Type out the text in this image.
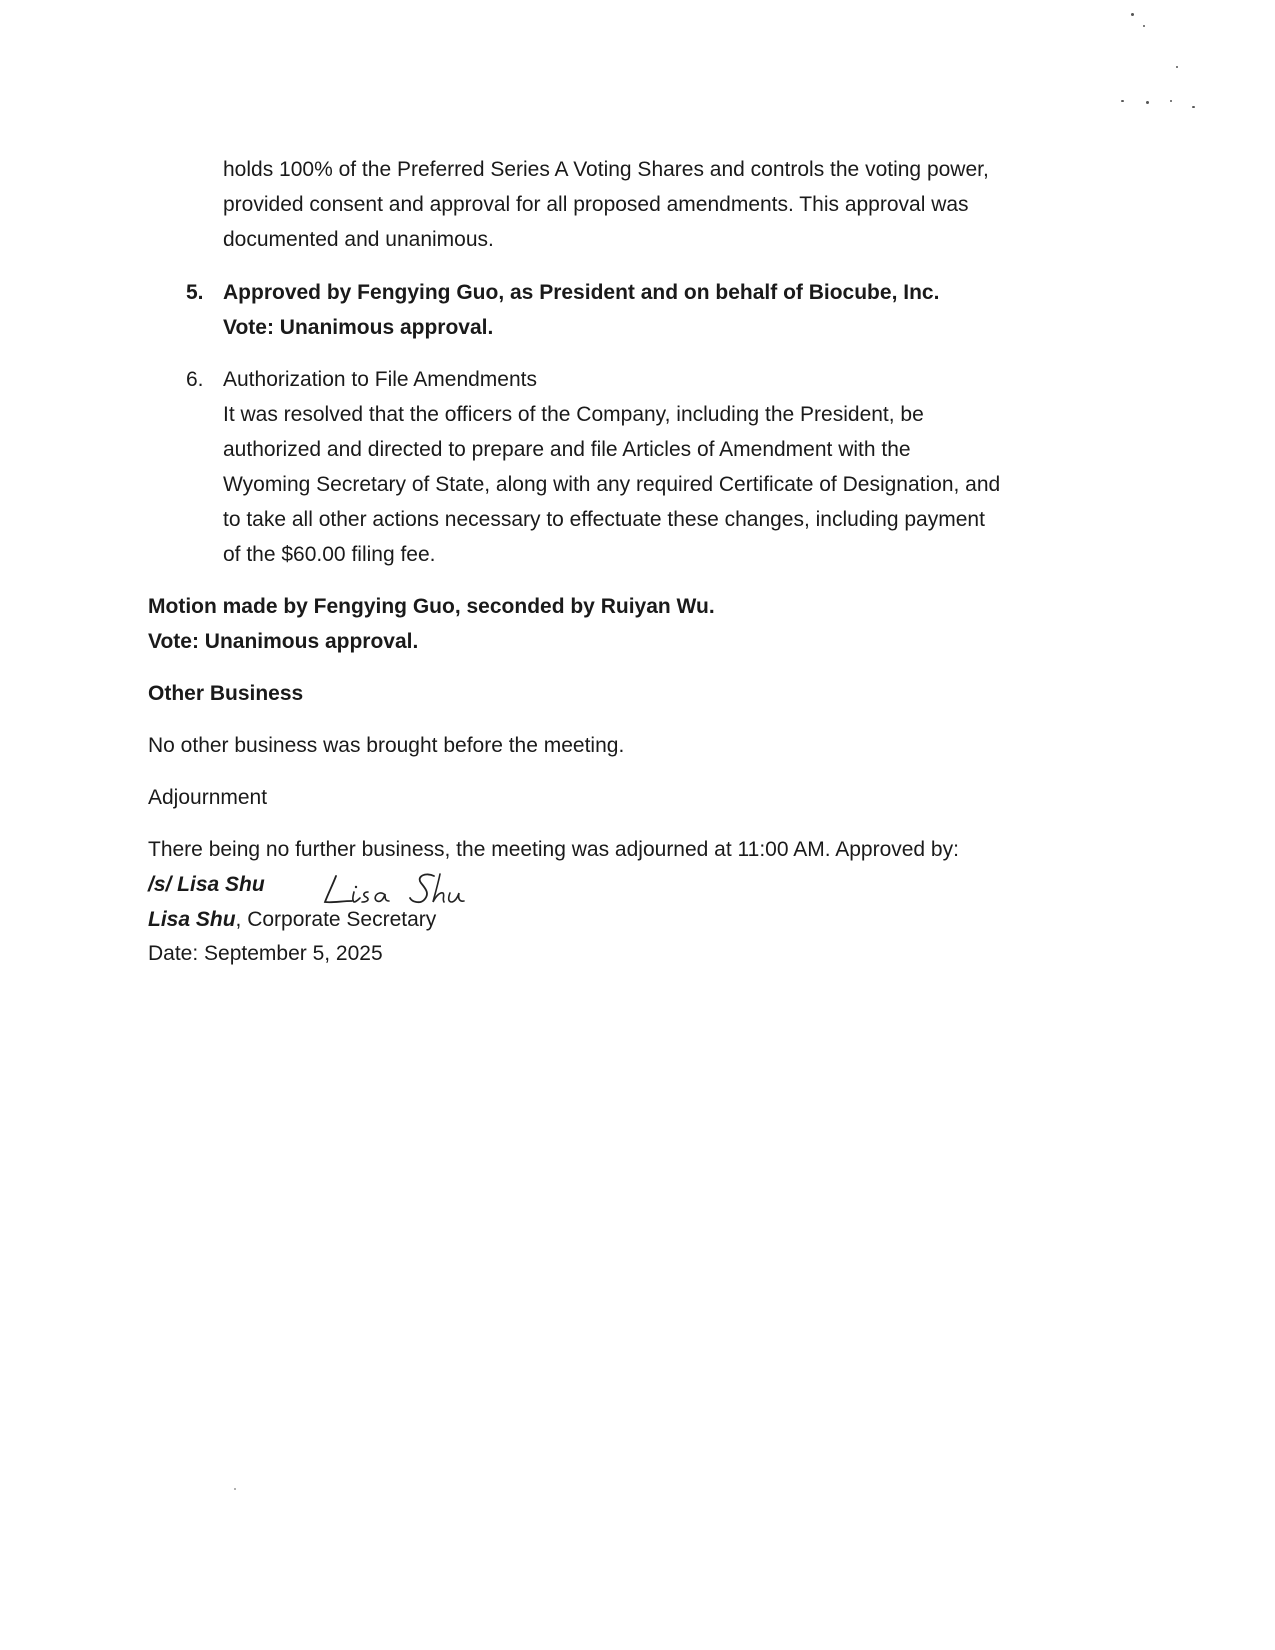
holds 100% of the Preferred Series A Voting Shares and controls the voting power,

provided consent and approval for all proposed amendments. This approval was

documented and unanimous.

5. Approved by Fengying Guo, as President and on behalf of Biocube, Inc.

Vote: Unanimous approval.

6. Authorization to File Amendments

It was resolved that the officers of the Company, including the President, be

authorized and directed to prepare and file Articles of Amendment with the

Wyoming Secretary of State, along with any required Certificate of Designation, and

to take all other actions necessary to effectuate these changes, including payment

of the $60.00 filing fee.

Motion made by Fengying Guo, seconded by Ruiyan Wu.

Vote: Unanimous approval.

Other Business

No other business was brought before the meeting.

Adjournment

There being no further business, the meeting was adjourned at 11:00 AM. Approved by:

/s/ Lisa Shu

Lisa Shu, Corporate Secretary

Date: September 5, 2025
